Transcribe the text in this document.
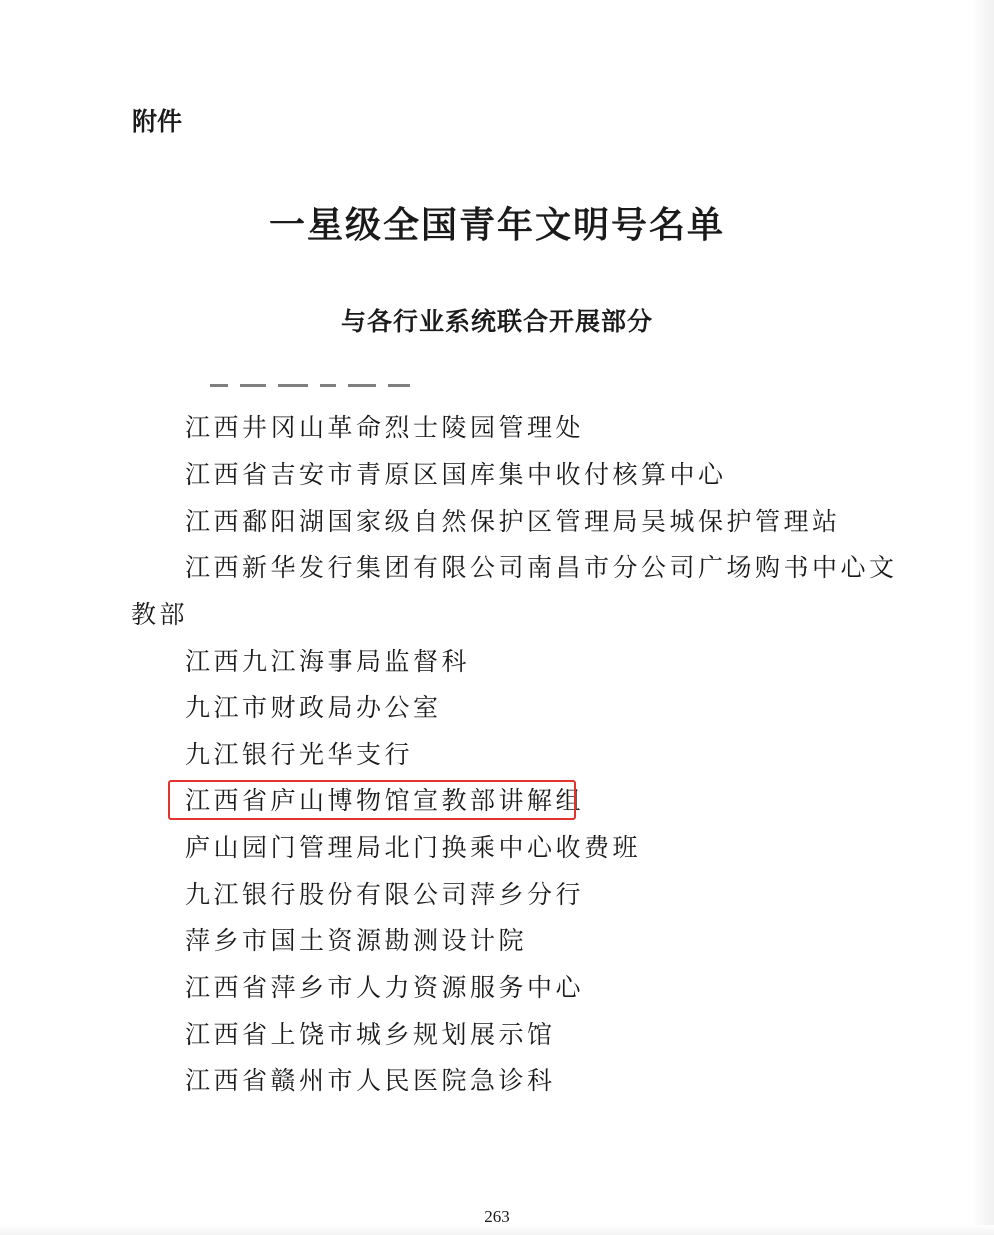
附件
一星级全国青年文明号名单
与各行业系统联合开展部分
江西井冈山革命烈士陵园管理处
江西省吉安市青原区国库集中收付核算中心
江西鄱阳湖国家级自然保护区管理局吴城保护管理站
江西新华发行集团有限公司南昌市分公司广场购书中心文
教部
江西九江海事局监督科
九江市财政局办公室
九江银行光华支行
江西省庐山博物馆宣教部讲解组
庐山园门管理局北门换乘中心收费班
九江银行股份有限公司萍乡分行
萍乡市国土资源勘测设计院
江西省萍乡市人力资源服务中心
江西省上饶市城乡规划展示馆
江西省赣州市人民医院急诊科
263
